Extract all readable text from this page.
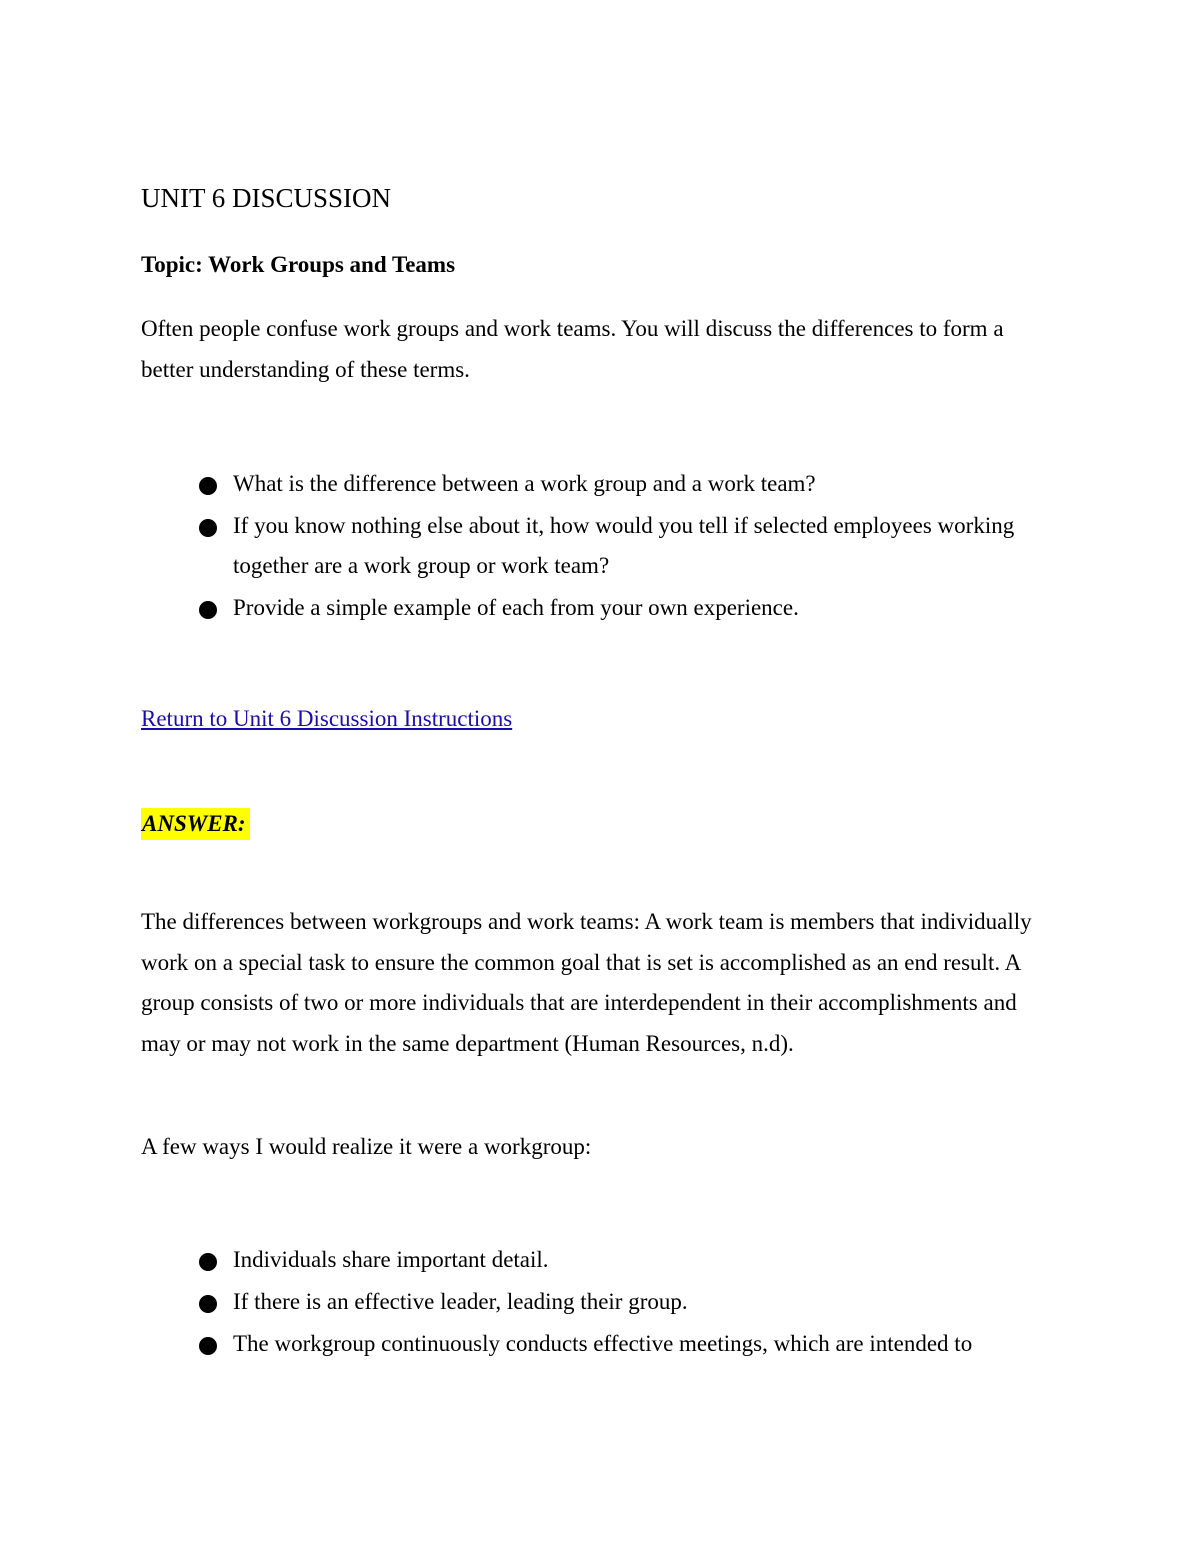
UNIT 6 DISCUSSION

Topic: Work Groups and Teams

Often people confuse work groups and work teams. You will discuss the differences to form a better understanding of these terms.

What is the difference between a work group and a work team?
If you know nothing else about it, how would you tell if selected employees working together are a work group or work team?
Provide a simple example of each from your own experience.
Return to Unit 6 Discussion Instructions
ANSWER:

The differences between workgroups and work teams: A work team is members that individually work on a special task to ensure the common goal that is set is accomplished as an end result. A group consists of two or more individuals that are interdependent in their accomplishments and may or may not work in the same department (Human Resources, n.d).

A few ways I would realize it were a workgroup:

Individuals share important detail.
If there is an effective leader, leading their group.
The workgroup continuously conducts effective meetings, which are intended to
